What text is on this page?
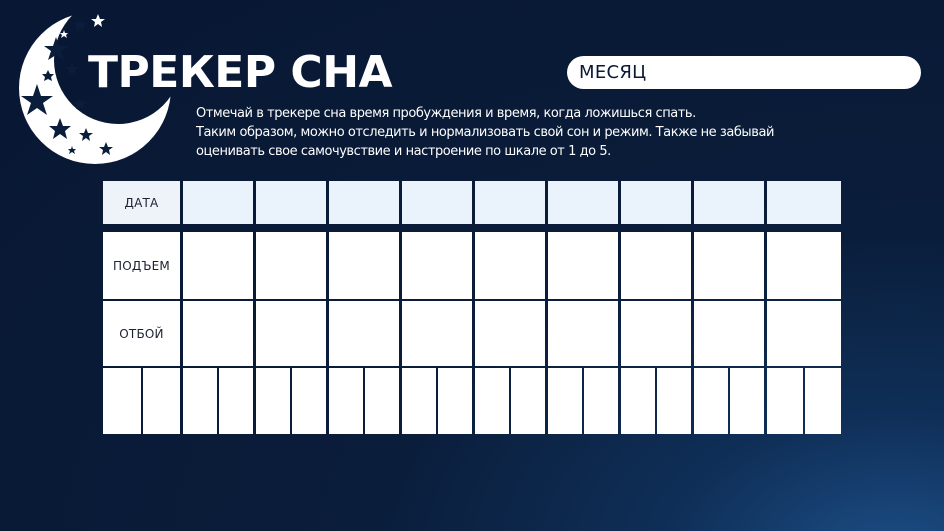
ТРЕКЕР СНА	МЕСЯЦ
Отмечай в трекере сна время пробуждения и время, когда ложишься спать.
Таким образом, можно отследить и нормализовать свой сон и режим. Также не забывай
оценивать свое самочувствие и настроение по шкале от 1 до 5.
ДАТА
ПОДЪЕМ
ОТБОЙ
